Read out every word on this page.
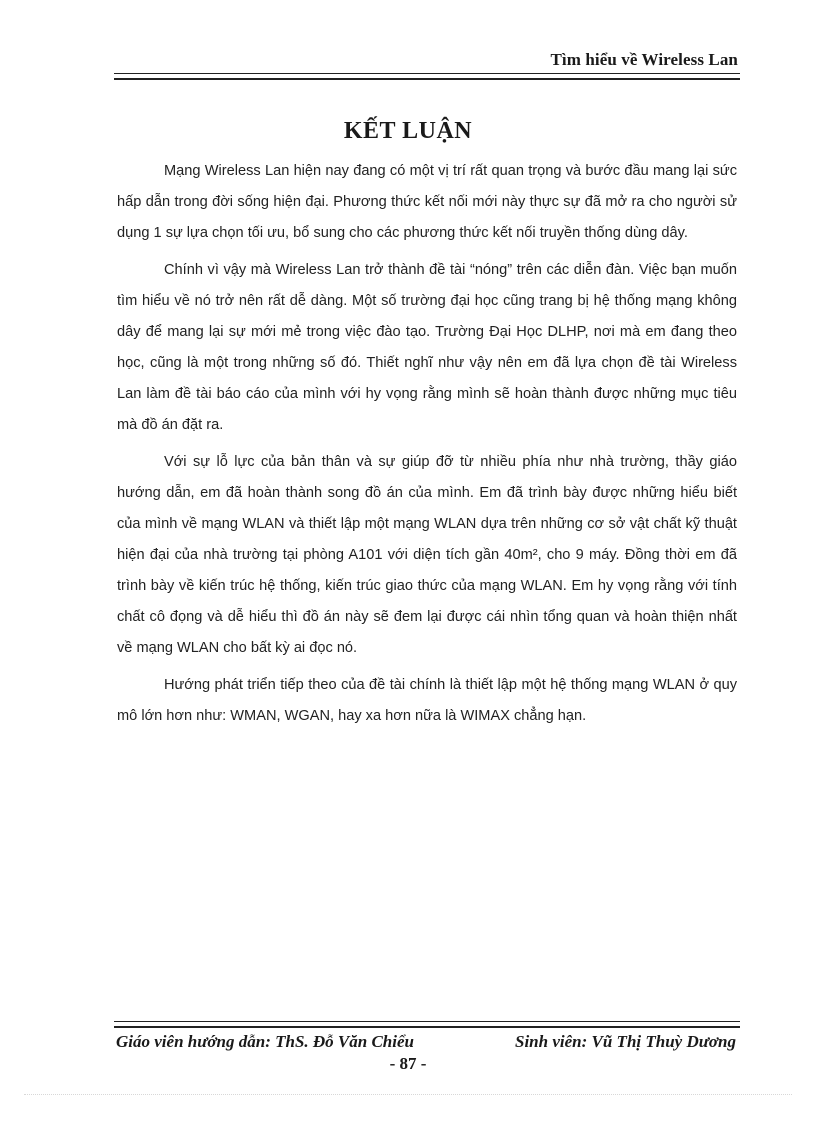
Tìm hiểu về Wireless Lan
KẾT LUẬN

Mạng Wireless Lan hiện nay đang có một vị trí rất quan trọng và bước đầu mang lại sức hấp dẫn trong đời sống hiện đại. Phương thức kết nối mới này thực sự đã mở ra cho người sử dụng 1 sự lựa chọn tối ưu, bổ sung cho các phương thức kết nối truyền thống dùng dây.

Chính vì vậy mà Wireless Lan trở thành đề tài “nóng” trên các diễn đàn. Việc bạn muốn tìm hiểu về nó trở nên rất dễ dàng. Một số trường đại học cũng trang bị hệ thống mạng không dây để mang lại sự mới mẻ trong việc đào tạo. Trường Đại Học DLHP, nơi mà em đang theo học, cũng là một trong những số đó. Thiết nghĩ như vậy nên em đã lựa chọn đề tài Wireless Lan làm đề tài báo cáo của mình với hy vọng rằng mình sẽ hoàn thành được những mục tiêu mà đồ án đặt ra.

Với sự lỗ lực của bản thân và sự giúp đỡ từ nhiều phía như nhà trường, thầy giáo hướng dẫn, em đã hoàn thành song đồ án của mình. Em đã trình bày được những hiểu biết của mình về mạng WLAN và thiết lập một mạng WLAN dựa trên những cơ sở vật chất kỹ thuật hiện đại của nhà trường tại phòng A101 với diện tích gần 40m², cho 9 máy. Đồng thời em đã trình bày về kiến trúc hệ thống, kiến trúc giao thức của mạng WLAN. Em hy vọng rằng với tính chất cô đọng và dễ hiểu thì đồ án này sẽ đem lại được cái nhìn tổng quan và hoàn thiện nhất về mạng WLAN cho bất kỳ ai đọc nó.

Hướng phát triển tiếp theo của đề tài chính là thiết lập một hệ thống mạng WLAN ở quy mô lớn hơn như: WMAN, WGAN, hay xa hơn nữa là WIMAX chẳng hạn.

Giáo viên hướng dẫn: ThS. Đỗ Văn Chiểu	Sinh viên: Vũ Thị Thuỳ Dương
- 87 -
